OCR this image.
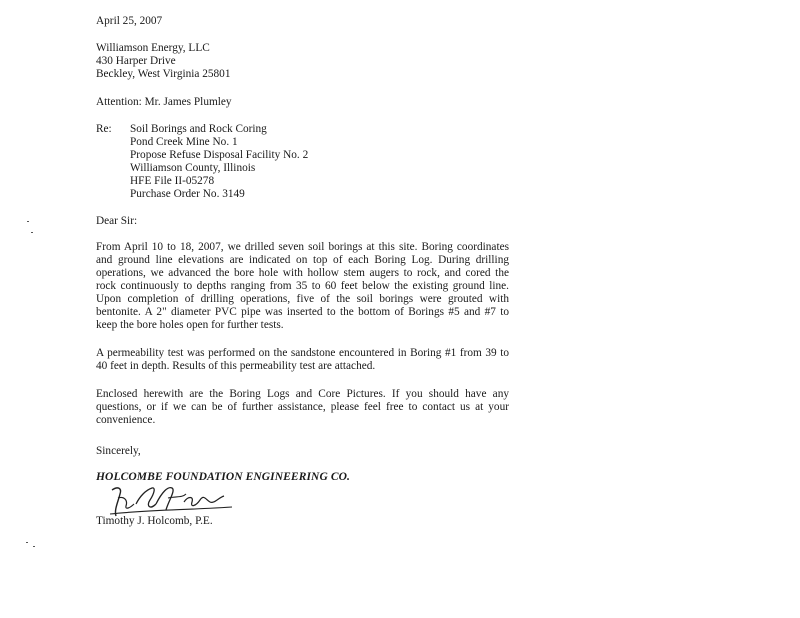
April 25, 2007
Williamson Energy, LLC
430 Harper Drive
Beckley, West Virginia 25801
Attention: Mr. James Plumley
Re: Soil Borings and Rock Coring
Pond Creek Mine No. 1
Propose Refuse Disposal Facility No. 2
Williamson County, Illinois
HFE File II-05278
Purchase Order No. 3149
Dear Sir:
From April 10 to 18, 2007, we drilled seven soil borings at this site. Boring coordinates
and ground line elevations are indicated on top of each Boring Log. During drilling
operations, we advanced the bore hole with hollow stem augers to rock, and cored the
rock continuously to depths ranging from 35 to 60 feet below the existing ground line.
Upon completion of drilling operations, five of the soil borings were grouted with
bentonite. A 2" diameter PVC pipe was inserted to the bottom of Borings #5 and #7 to
keep the bore holes open for further tests.
A permeability test was performed on the sandstone encountered in Boring #1 from 39 to
40 feet in depth. Results of this permeability test are attached.
Enclosed herewith are the Boring Logs and Core Pictures. If you should have any
questions, or if we can be of further assistance, please feel free to contact us at your
convenience.
Sincerely,
HOLCOMBE FOUNDATION ENGINEERING CO.
Timothy J. Holcomb, P.E.
